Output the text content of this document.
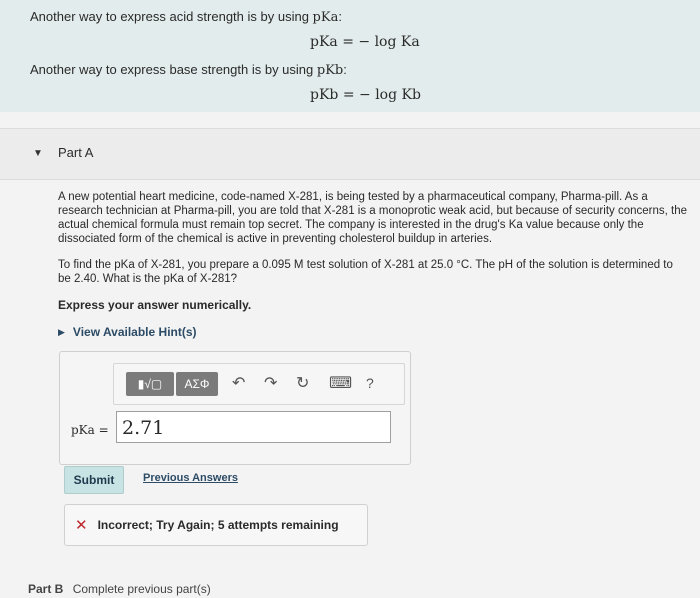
Another way to express acid strength is by using pKa:
pKa = − log Ka
Another way to express base strength is by using pKb:
pKb = − log Kb
▼ Part A

A new potential heart medicine, code-named X-281, is being tested by a pharmaceutical company, Pharma-pill. As a research technician at Pharma-pill, you are told that X-281 is a monoprotic weak acid, but because of security concerns, the actual chemical formula must remain top secret. The company is interested in the drug's Ka value because only the dissociated form of the chemical is active in preventing cholesterol buildup in arteries.

To find the pKa of X-281, you prepare a 0.095 M test solution of X-281 at 25.0 °C. The pH of the solution is determined to be 2.40. What is the pKa of X-281?

Express your answer numerically.
▶ View Available Hint(s)
▮√▢	ΑΣΦ	↶ ↷ ↻ ⌨ ?
pKa = 2.71
Submit	Previous Answers
✕ Incorrect; Try Again; 5 attempts remaining
Part B Complete previous part(s)
